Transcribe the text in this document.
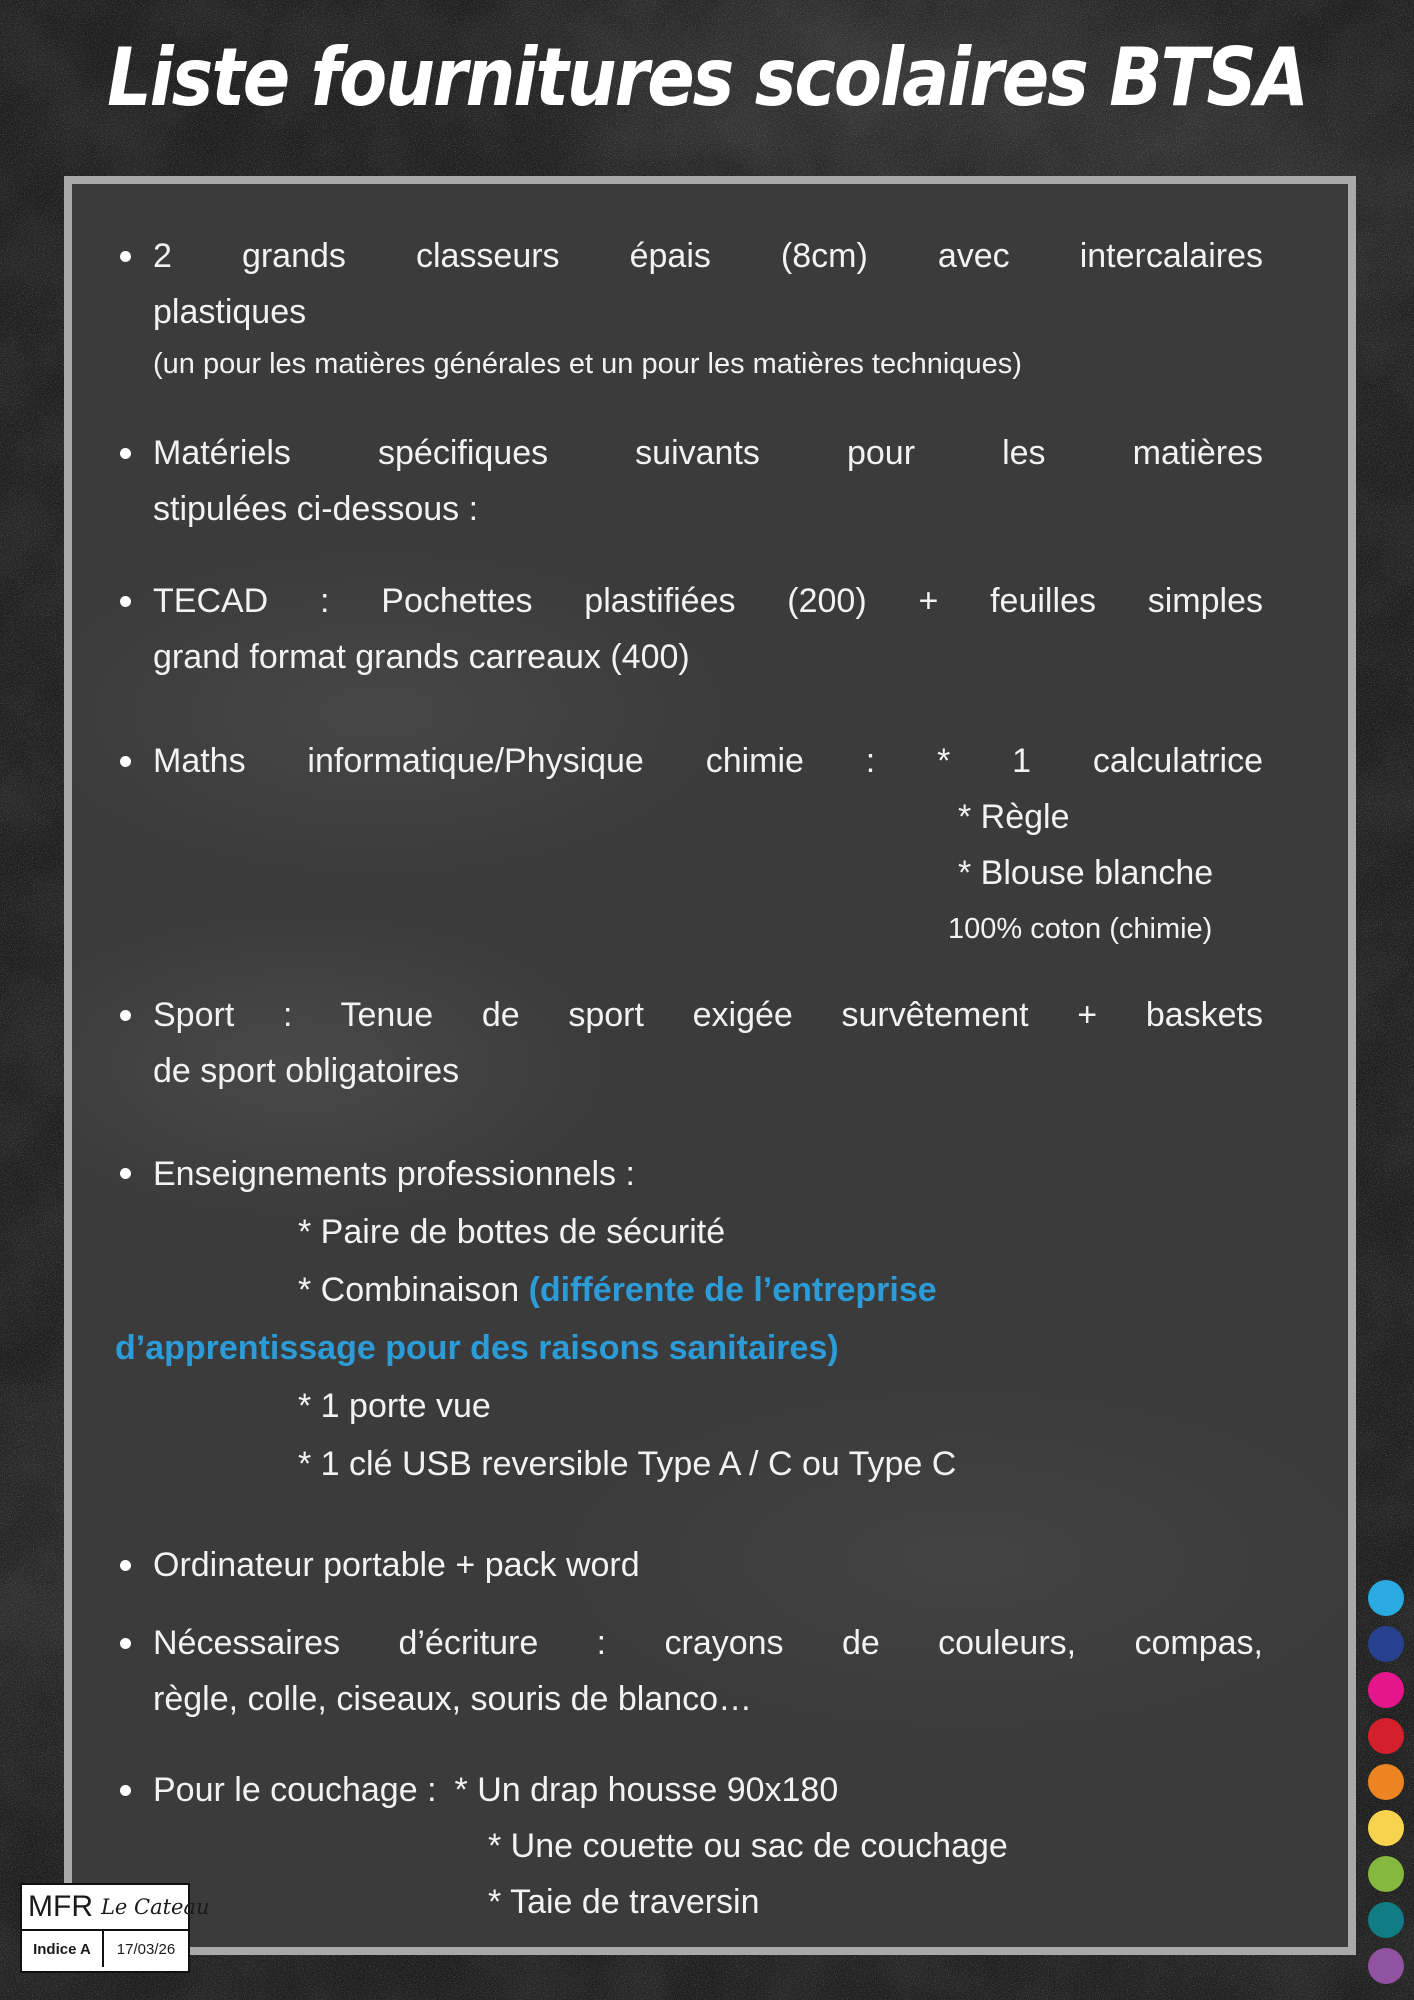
Liste fournitures scolaires BTSA
2 grands classeurs épais (8cm) avec intercalaires
plastiques
(un pour les matières générales et un pour les matières techniques)
Matériels spécifiques suivants pour les matières
stipulées ci-dessous :
TECAD : Pochettes plastifiées (200) + feuilles simples
grand format grands carreaux (400)
Maths informatique/Physique chimie : * 1 calculatrice
* Règle
* Blouse blanche
100% coton (chimie)
Sport : Tenue de sport exigée survêtement + baskets
de sport obligatoires
Enseignements professionnels :
* Paire de bottes de sécurité
* Combinaison (différente de l’entreprise
d’apprentissage pour des raisons sanitaires)
* 1 porte vue
* 1 clé USB reversible Type A / C ou Type C
Ordinateur portable + pack word
Nécessaires d’écriture : crayons de couleurs, compas,
règle, colle, ciseaux, souris de blanco…
Pour le couchage : * Un drap housse 90x180
* Une couette ou sac de couchage
* Taie de traversin
MFR Le Cateau
Indice A	17/03/26
